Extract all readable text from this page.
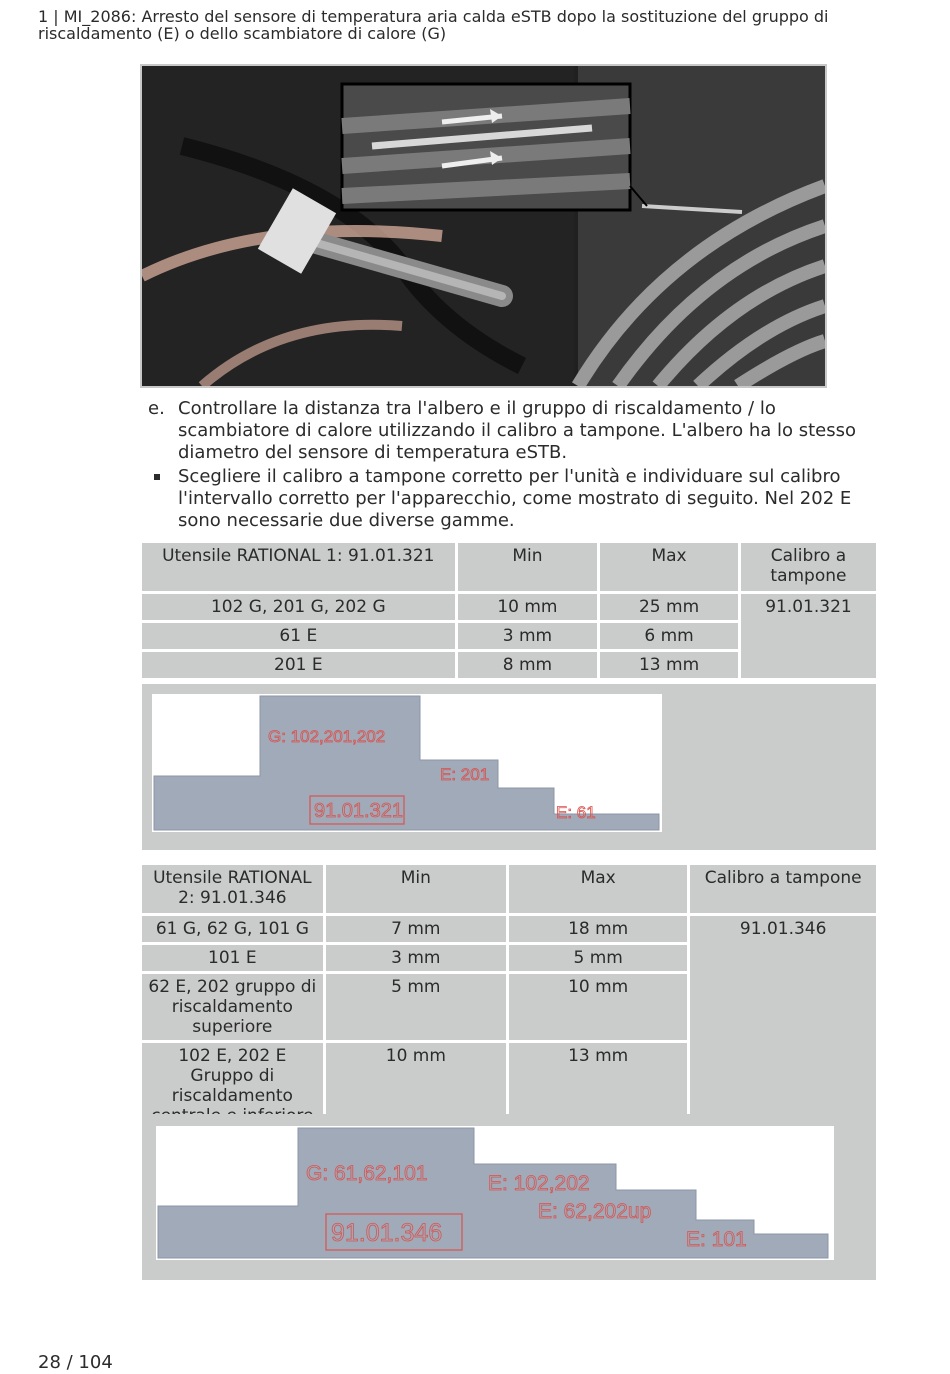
1 | MI_2086: Arresto del sensore di temperatura aria calda eSTB dopo la sostituzione del gruppo di riscaldamento (E) o dello scambiatore di calore (G)
e. Controllare la distanza tra l'albero e il gruppo di riscaldamento / lo scambiatore di calore utilizzando il calibro a tampone. L'albero ha lo stesso diametro del sensore di temperatura eSTB.
Scegliere il calibro a tampone corretto per l'unità e individuare sul calibro l'intervallo corretto per l'apparecchio, come mostrato di seguito. Nel 202 E sono necessarie due diverse gamme.
Utensile RATIONAL 1: 91.01.321	Min	Max	Calibro a tampone
102 G, 201 G, 202 G	10 mm	25 mm	91.01.321
61 E	3 mm	6 mm	
201 E	8 mm	13 mm	
G: 102,201,202
E: 201
E: 61
91.01.321
Utensile RATIONAL 2: 91.01.346	Min	Max	Calibro a tampone
61 G, 62 G, 101 G	7 mm	18 mm	91.01.346
101 E	3 mm	5 mm	
62 E, 202 gruppo di riscaldamento superiore	5 mm	10 mm	
102 E, 202 E Gruppo di riscaldamento	10 mm	13 mm	
G: 61,62,101	E: 102,202
E: 62,202up
E: 101
91.01.346
28 / 104
